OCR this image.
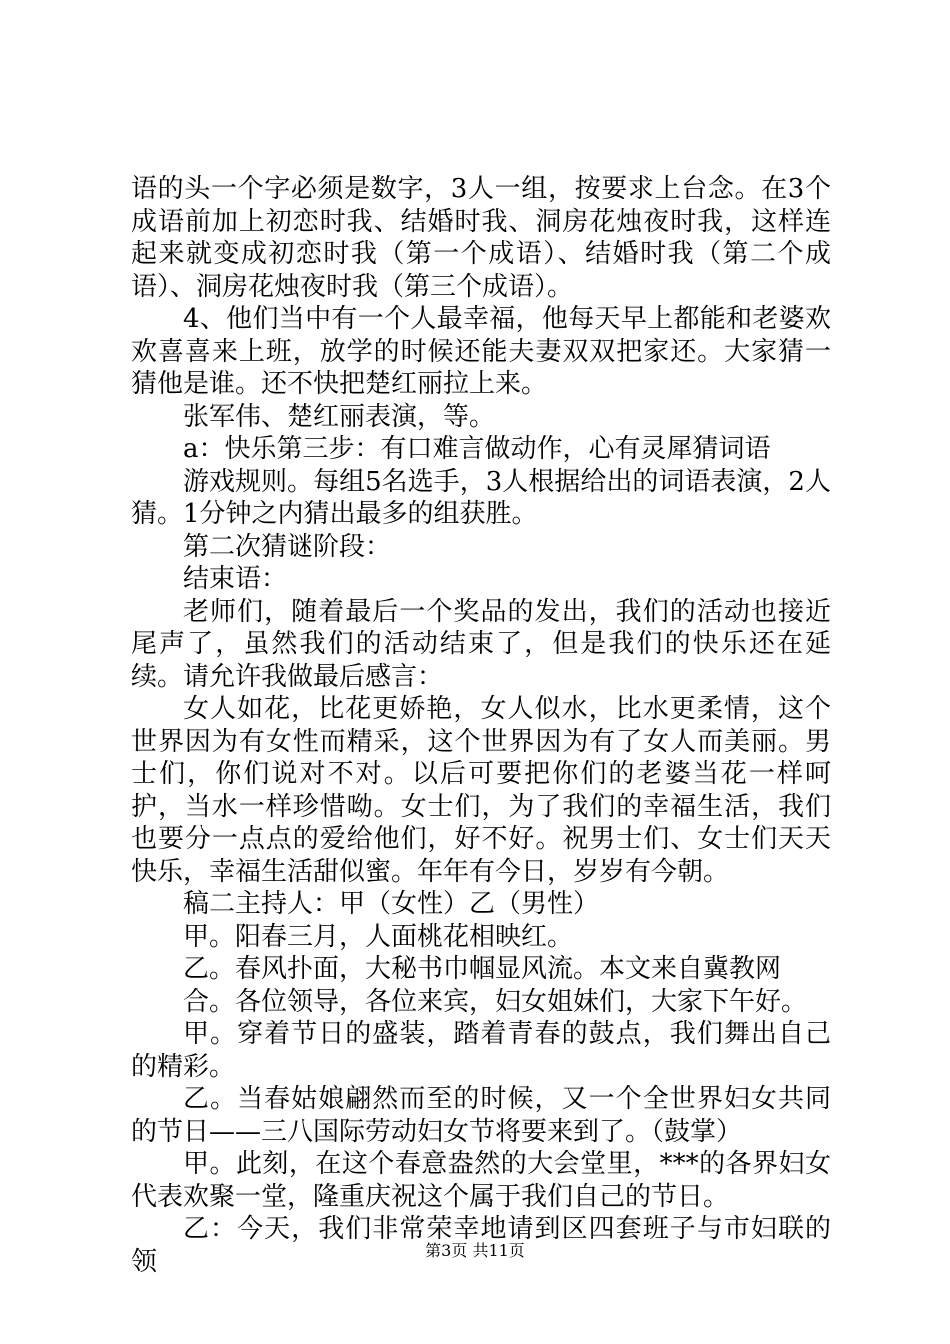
语的头一个字必须是数字，3人一组，按要求上台念。在3个成语前加上初恋时我、结婚时我、洞房花烛夜时我，这样连起来就变成初恋时我（第一个成语）、结婚时我（第二个成语）、洞房花烛夜时我（第三个成语）。

4、他们当中有一个人最幸福，他每天早上都能和老婆欢欢喜喜来上班，放学的时候还能夫妻双双把家还。大家猜一猜他是谁。还不快把楚红丽拉上来。

张军伟、楚红丽表演，等。

a：快乐第三步：有口难言做动作，心有灵犀猜词语

游戏规则。每组5名选手，3人根据给出的词语表演，2人猜。1分钟之内猜出最多的组获胜。

第二次猜谜阶段：

结束语：

老师们，随着最后一个奖品的发出，我们的活动也接近尾声了，虽然我们的活动结束了，但是我们的快乐还在延续。请允许我做最后感言：

女人如花，比花更娇艳，女人似水，比水更柔情，这个世界因为有女性而精采，这个世界因为有了女人而美丽。男士们，你们说对不对。以后可要把你们的老婆当花一样呵护，当水一样珍惜呦。女士们，为了我们的幸福生活，我们也要分一点点的爱给他们，好不好。祝男士们、女士们天天快乐，幸福生活甜似蜜。年年有今日，岁岁有今朝。

稿二主持人：甲（女性）乙（男性）

甲。阳春三月，人面桃花相映红。

乙。春风扑面，大秘书巾帼显风流。本文来自冀教网

合。各位领导，各位来宾，妇女姐妹们，大家下午好。

甲。穿着节日的盛装，踏着青春的鼓点，我们舞出自己的精彩。

乙。当春姑娘翩然而至的时候，又一个全世界妇女共同的节日——三八国际劳动妇女节将要来到了。（鼓掌）

甲。此刻，在这个春意盎然的大会堂里，***的各界妇女代表欢聚一堂，隆重庆祝这个属于我们自己的节日。

乙：今天，我们非常荣幸地请到区四套班子与市妇联的领	第3页 共11页
